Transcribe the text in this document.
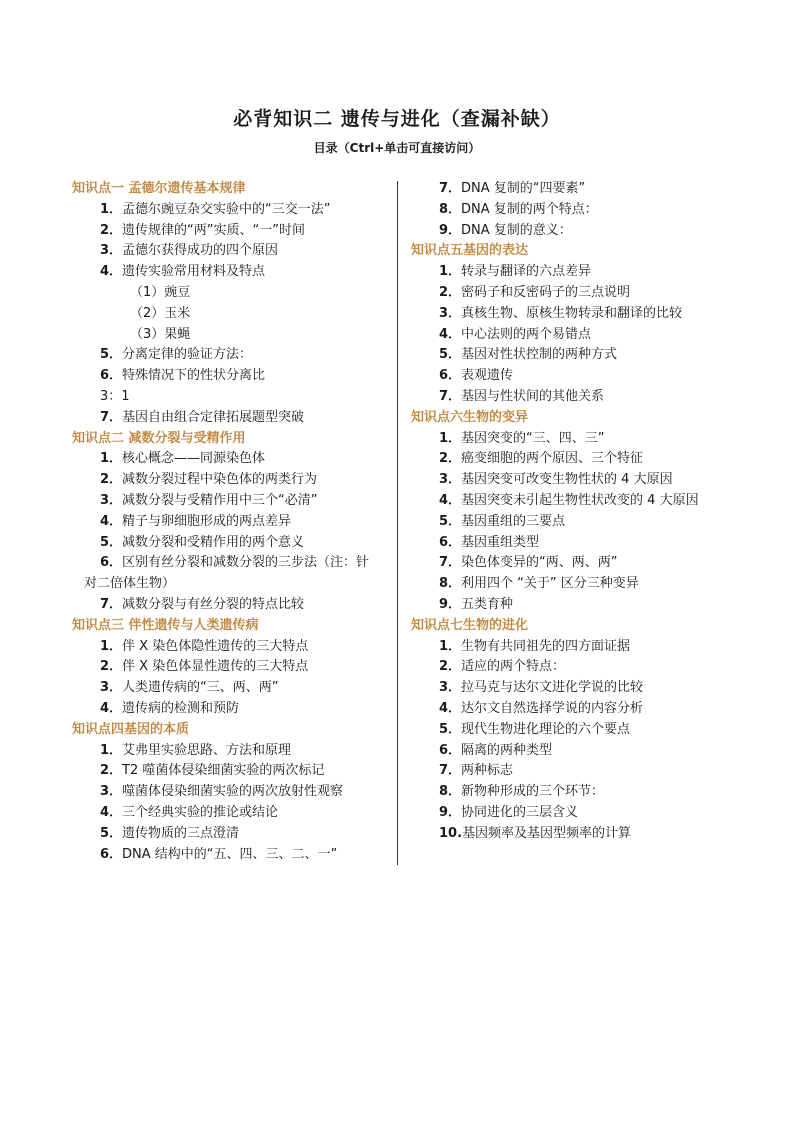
必背知识二 遗传与进化（查漏补缺）
目录（Ctrl+单击可直接访问）
知识点一 孟德尔遗传基本规律
1．孟德尔豌豆杂交实验中的“三交一法”
2．遗传规律的“两”实质、“一”时间
3．孟德尔获得成功的四个原因
4．遗传实验常用材料及特点
（1）豌豆
（2）玉米
（3）果蝇
5．分离定律的验证方法：
6．特殊情况下的性状分离比
3：1
7．基因自由组合定律拓展题型突破
知识点二 减数分裂与受精作用
1．核心概念——同源染色体
2．减数分裂过程中染色体的两类行为
3．减数分裂与受精作用中三个“必清”
4．精子与卵细胞形成的两点差异
5．减数分裂和受精作用的两个意义
6．区别有丝分裂和减数分裂的三步法（注：针
对二倍体生物）
7．减数分裂与有丝分裂的特点比较
知识点三 伴性遗传与人类遗传病
1．伴 X 染色体隐性遗传的三大特点
2．伴 X 染色体显性遗传的三大特点
3．人类遗传病的“三、两、两”
4．遗传病的检测和预防
知识点四基因的本质
1．艾弗里实验思路、方法和原理
2．T2 噬菌体侵染细菌实验的两次标记
3．噬菌体侵染细菌实验的两次放射性观察
4．三个经典实验的推论或结论
5．遗传物质的三点澄清
6．DNA 结构中的“五、四、三、二、一”
7．DNA 复制的“四要素”
8．DNA 复制的两个特点：
9．DNA 复制的意义：
知识点五基因的表达
1．转录与翻译的六点差异
2．密码子和反密码子的三点说明
3．真核生物、原核生物转录和翻译的比较
4．中心法则的两个易错点
5．基因对性状控制的两种方式
6．表观遗传
7．基因与性状间的其他关系
知识点六生物的变异
1．基因突变的“三、四、三”
2．癌变细胞的两个原因、三个特征
3．基因突变可改变生物性状的 4 大原因
4．基因突变未引起生物性状改变的 4 大原因
5．基因重组的三要点
6．基因重组类型
7．染色体变异的“两、两、两”
8．利用四个 “关于” 区分三种变异
9．五类育种
知识点七生物的进化
1．生物有共同祖先的四方面证据
2．适应的两个特点：
3．拉马克与达尔文进化学说的比较
4．达尔文自然选择学说的内容分析
5．现代生物进化理论的六个要点
6．隔离的两种类型
7．两种标志
8．新物种形成的三个环节：
9．协同进化的三层含义
10.基因频率及基因型频率的计算
